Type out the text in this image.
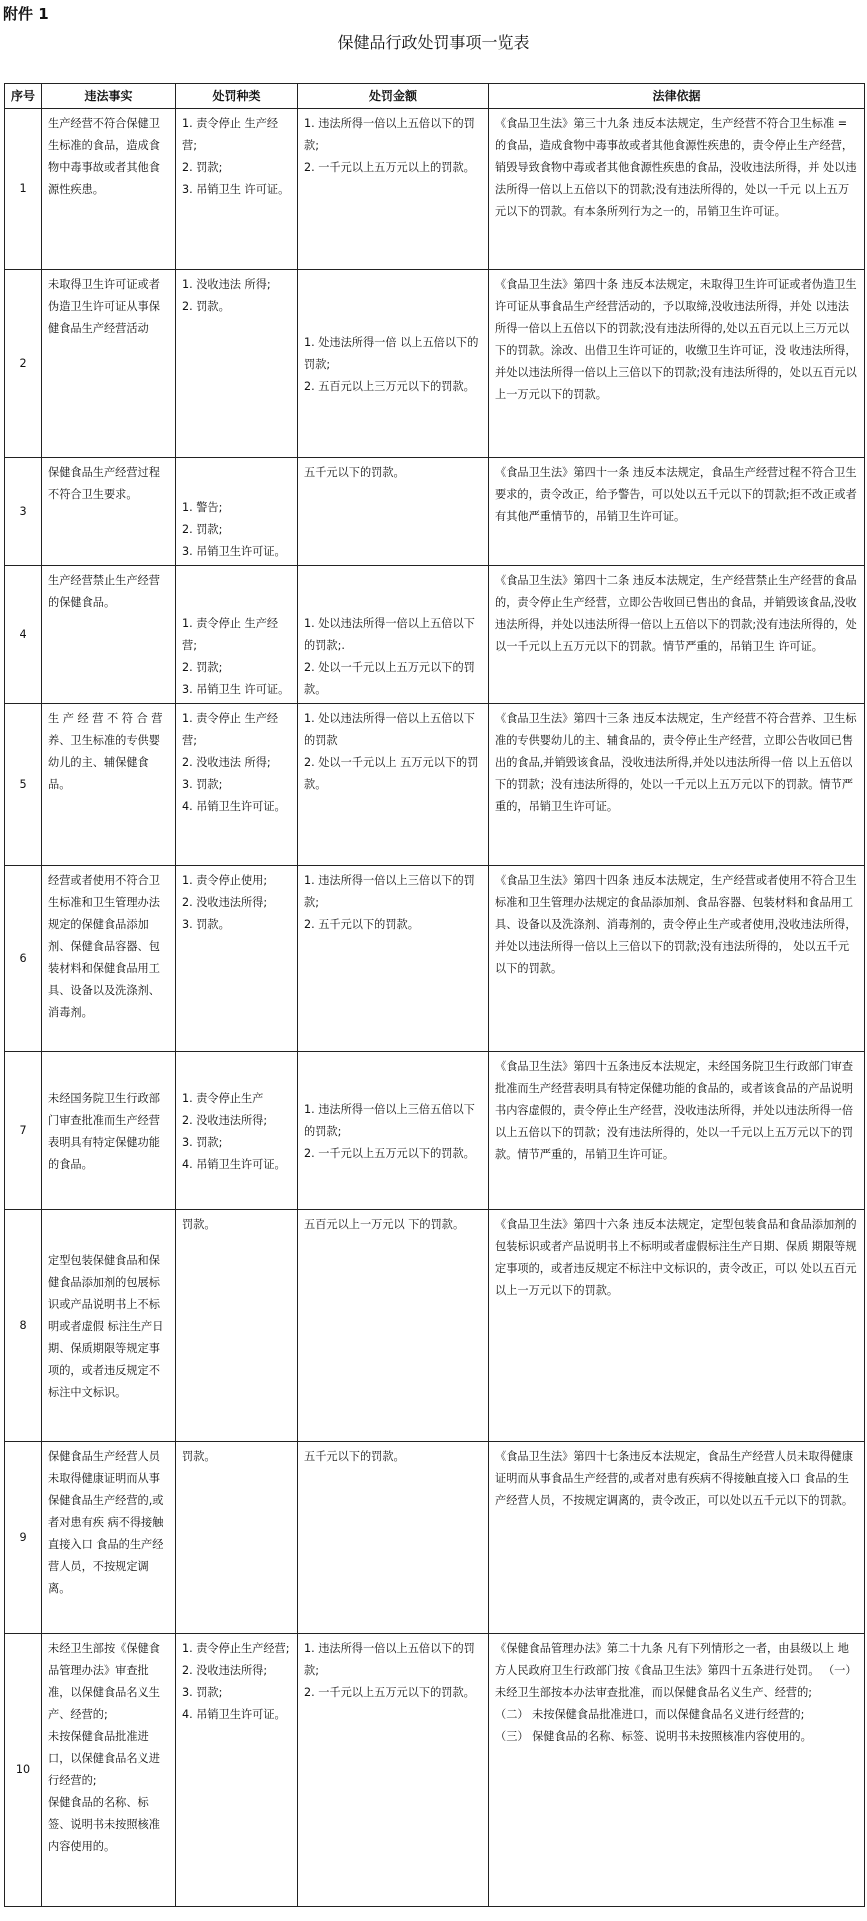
附件 1
保健品行政处罚事项一览表
序号	违法事实	处罚种类	处罚金额	法律依据
1	生产经营不符合保健卫生标准的食品，造成食物中毒事故或者其他食源性疾患。	1. 责令停止 生产经营;
2. 罚款;
3. 吊销卫生 许可证。	1. 违法所得一倍以上五倍以下的罚款;
2. 一千元以上五万元以上的罚款。	《食品卫生法》第三十九条 违反本法规定，生产经营不符合卫生标准 =的食品，造成食物中毒事故或者其他食源性疾患的，责令停止生产经营，销毁导致食物中毒或者其他食源性疾患的食品，没收违法所得，并 处以违法所得一倍以上五倍以下的罚款;没有违法所得的，处以一千元 以上五万元以下的罚款。有本条所列行为之一的，吊销卫生许可证。
2	未取得卫生许可证或者伪造卫生许可证从事保健食品生产经营活动	1. 没收违法 所得;
2. 罚款。	1. 处违法所得一倍 以上五倍以下的罚款;
2. 五百元以上三万元以下的罚款。	《食品卫生法》第四十条 违反本法规定，未取得卫生许可证或者伪造卫生许可证从事食品生产经营活动的，予以取缔,没收违法所得，并处 以违法所得一倍以上五倍以下的罚款;没有违法所得的,处以五百元以上三万元以下的罚款。涂改、出借卫生许可证的，收缴卫生许可证，没 收违法所得，并处以违法所得一倍以上三倍以下的罚款;没有违法所得的，处以五百元以上一万元以下的罚款。
3	保健食品生产经营过程不符合卫生要求。	1. 警告;
2. 罚款;
3. 吊销卫生许可证。	五千元以下的罚款。	《食品卫生法》第四十一条 违反本法规定，食品生产经营过程不符合卫生要求的，责令改正，给予警告，可以处以五千元以下的罚款;拒不改正或者有其他严重情节的，吊销卫生许可证。
4	生产经营禁止生产经营的保健食品。	1. 责令停止 生产经营;
2. 罚款;
3. 吊销卫生 许可证。	1. 处以违法所得一倍以上五倍以下的罚款;.
2. 处以一千元以上五万元以下的罚款。	《食品卫生法》第四十二条 违反本法规定，生产经营禁止生产经营的食品的，责令停止生产经营，立即公告收回已售出的食品，并销毁该食品,没收违法所得，并处以违法所得一倍以上五倍以下的罚款;没有违法所得的，处以一千元以上五万元以下的罚款。情节严重的，吊销卫生 许可证。
5	生 产 经 营 不 符 合 营养、卫生标准的专供婴幼儿的主、辅保健食品。	1. 责令停止 生产经营;
2. 没收违法 所得;
3. 罚款;
4. 吊销卫生许可证。	1. 处以违法所得一倍以上五倍以下的罚款
2. 处以一千元以上 五万元以下的罚款。	《食品卫生法》第四十三条 违反本法规定，生产经营不符合营养、卫生标准的专供婴幼儿的主、辅食品的，责令停止生产经营，立即公告收回已售出的食品,并销毁该食品，没收违法所得,并处以违法所得一倍 以上五倍以下的罚款；没有违法所得的，处以一千元以上五万元以下的罚款。情节严重的，吊销卫生许可证。
6	经营或者使用不符合卫生标准和卫生管理办法规定的保健食品添加剂、保健食品容器、包装材料和保健食品用工具、设备以及洗涤剂、消毒剂。	1. 责令停止使用;
2. 没收违法所得;
3. 罚款。	1. 违法所得一倍以上三倍以下的罚款;
2. 五千元以下的罚款。	《食品卫生法》第四十四条 违反本法规定，生产经营或者使用不符合卫生标准和卫生管理办法规定的食品添加剂、食品容器、包装材料和食品用工具、设备以及洗涤剂、消毒剂的，责令停止生产或者使用,没收违法所得，并处以违法所得一倍以上三倍以下的罚款;没有违法所得的， 处以五千元以下的罚款。
7	未经国务院卫生行政部门审查批准而生产经营表明具有特定保健功能的食品。	1. 责令停止生产
2. 没收违法所得;
3. 罚款;
4. 吊销卫生许可证。	1. 违法所得一倍以上三倍五倍以下的罚款;
2. 一千元以上五万元以下的罚款。	《食品卫生法》第四十五条违反本法规定，未经国务院卫生行政部门审查批准而生产经营表明具有特定保健功能的食品的，或者该食品的产品说明书内容虚假的，责令停止生产经营，没收违法所得，并处以违法所得一倍以上五倍以下的罚款；没有违法所得的，处以一千元以上五万元以下的罚款。情节严重的，吊销卫生许可证。
8	定型包装保健食品和保健食品添加剂的包展标识或产品说明书上不标明或者虚假 标注生产日期、保质期限等规定事项的，或者违反规定不标注中文标识。	罚款。	五百元以上一万元以 下的罚款。	《食品卫生法》第四十六条 违反本法规定，定型包装食品和食品添加剂的包装标识或者产品说明书上不标明或者虚假标注生产日期、保质 期限等规定事项的，或者违反规定不标注中文标识的，责令改正，可以 处以五百元以上一万元以下的罚款。
9	保健食品生产经营人员未取得健康证明而从事保健食品生产经营的,或者对患有疾 病不得接触直接入口 食品的生产经营人员，不按规定调离。	罚款。	五千元以下的罚款。	《食品卫生法》第四十七条违反本法规定，食品生产经营人员未取得健康证明而从事食品生产经营的,或者对患有疾病不得接触直接入口 食品的生产经营人员，不按规定调离的，责令改正，可以处以五千元以下的罚款。
10	未经卫生部按《保健食品管理办法》审查批准，以保健食品名义生产、经营的;
未按保健食品批准进口，以保健食品名义进行经营的;
保健食品的名称、标签、说明书未按照核准内容使用的。	1. 责令停止生产经营;
2. 没收违法所得;
3. 罚款;
4. 吊销卫生许可证。	1. 违法所得一倍以上五倍以下的罚款;
2. 一千元以上五万元以下的罚款。	《保健食品管理办法》第二十九条 凡有下列情形之一者，由县级以上 地方人民政府卫生行政部门按《食品卫生法》第四十五条进行处罚。 （一） 未经卫生部按本办法审查批准，而以保健食品名义生产、经营的;
（二） 未按保健食品批准进口，而以保健食品名义进行经营的;
（三） 保健食品的名称、标签、说明书未按照核准内容使用的。
